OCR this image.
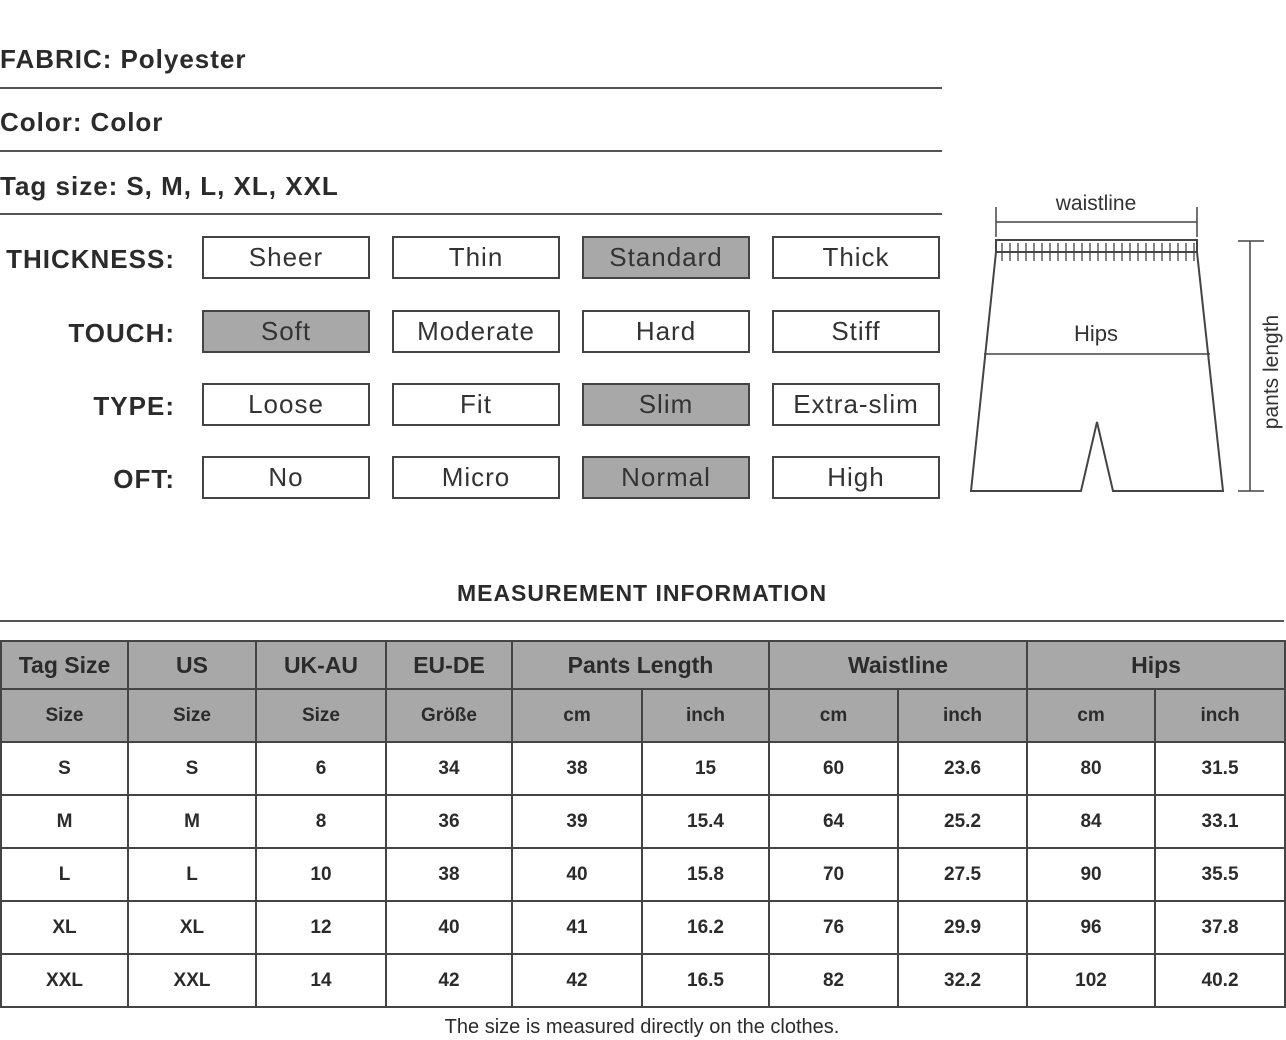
FABRIC: Polyester
Color: Color
Tag size: S, M, L, XL, XXL
THICKNESS:	Sheer	Thin	Standard	Thick
TOUCH:	Soft	Moderate	Hard	Stiff
TYPE:	Loose	Fit	Slim	Extra-slim
OFT:	No	Micro	Normal	High
waistline
Hips	pants length
MEASUREMENT INFORMATION
Tag Size	US	UK-AU	EU-DE	Pants Length		Waistline		Hips	
Size	Size	Size	Größe	cm	inch	cm	inch	cm	inch
S	S	6	34	38	15	60	23.6	80	31.5
M	M	8	36	39	15.4	64	25.2	84	33.1
L	L	10	38	40	15.8	70	27.5	90	35.5
XL	XL	12	40	41	16.2	76	29.9	96	37.8
XXL	XXL	14	42	42	16.5	82	32.2	102	40.2
The size is measured directly on the clothes.
